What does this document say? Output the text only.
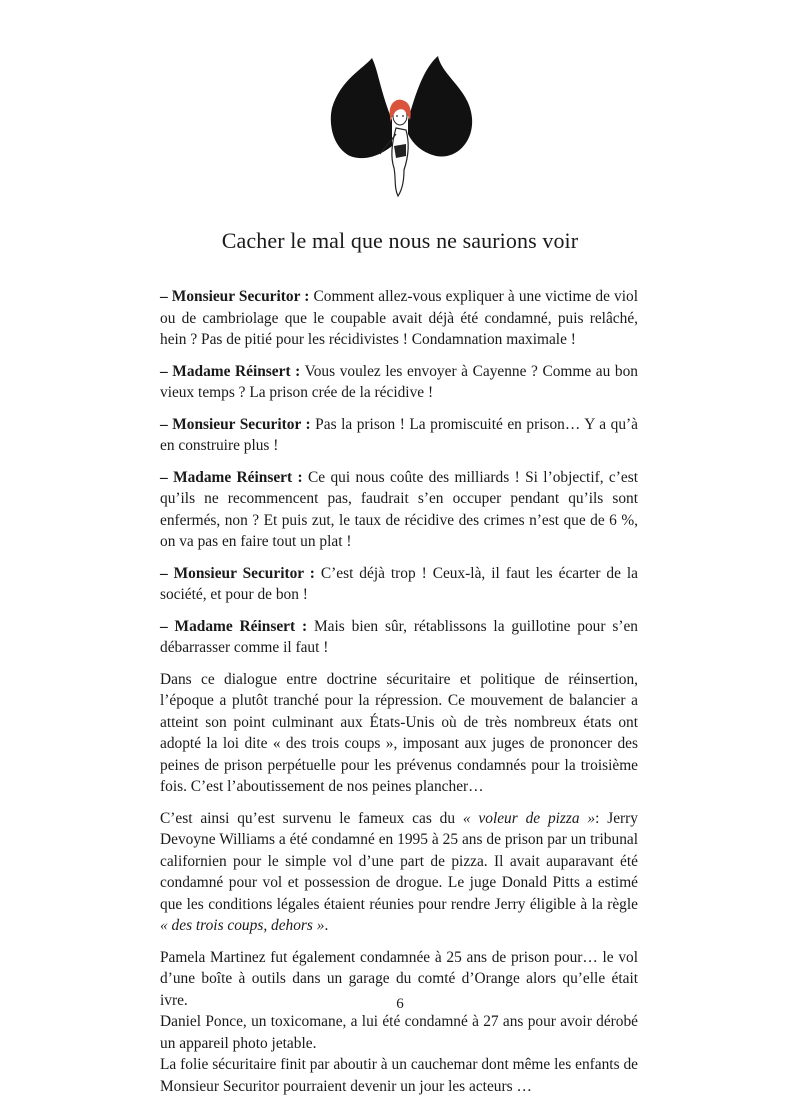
Cacher le mal que nous ne saurions voir

– Monsieur Securitor : Comment allez-vous expliquer à une victime de viol ou de cambriolage que le coupable avait déjà été condamné, puis relâché, hein ? Pas de pitié pour les récidivistes ! Condamnation maximale !

– Madame Réinsert : Vous voulez les envoyer à Cayenne ? Comme au bon vieux temps ? La prison crée de la récidive !

– Monsieur Securitor : Pas la prison ! La promiscuité en prison… Y a qu’à en construire plus !

– Madame Réinsert : Ce qui nous coûte des milliards ! Si l’objectif, c’est qu’ils ne recommencent pas, faudrait s’en occuper pendant qu’ils sont enfermés, non ? Et puis zut, le taux de récidive des crimes n’est que de 6 %, on va pas en faire tout un plat !

– Monsieur Securitor : C’est déjà trop ! Ceux-là, il faut les écarter de la société, et pour de bon !

– Madame Réinsert : Mais bien sûr, rétablissons la guillotine pour s’en débarrasser comme il faut !

Dans ce dialogue entre doctrine sécuritaire et politique de réinsertion, l’époque a plutôt tranché pour la répression. Ce mouvement de balancier a atteint son point culminant aux États-Unis où de très nombreux états ont adopté la loi dite « des trois coups », imposant aux juges de prononcer des peines de prison perpétuelle pour les prévenus condamnés pour la troisième fois. C’est l’aboutissement de nos peines plancher…

C’est ainsi qu’est survenu le fameux cas du « voleur de pizza »: Jerry Devoyne Williams a été condamné en 1995 à 25 ans de prison par un tribunal californien pour le simple vol d’une part de pizza. Il avait auparavant été condamné pour vol et possession de drogue. Le juge Donald Pitts a estimé que les conditions légales étaient réunies pour rendre Jerry éligible à la règle « des trois coups, dehors ».

Pamela Martinez fut également condamnée à 25 ans de prison pour… le vol d’une boîte à outils dans un garage du comté d’Orange alors qu’elle était ivre.

Daniel Ponce, un toxicomane, a lui été condamné à 27 ans pour avoir dérobé un appareil photo jetable.

La folie sécuritaire finit par aboutir à un cauchemar dont même les enfants de Monsieur Securitor pourraient devenir un jour les acteurs …

6
